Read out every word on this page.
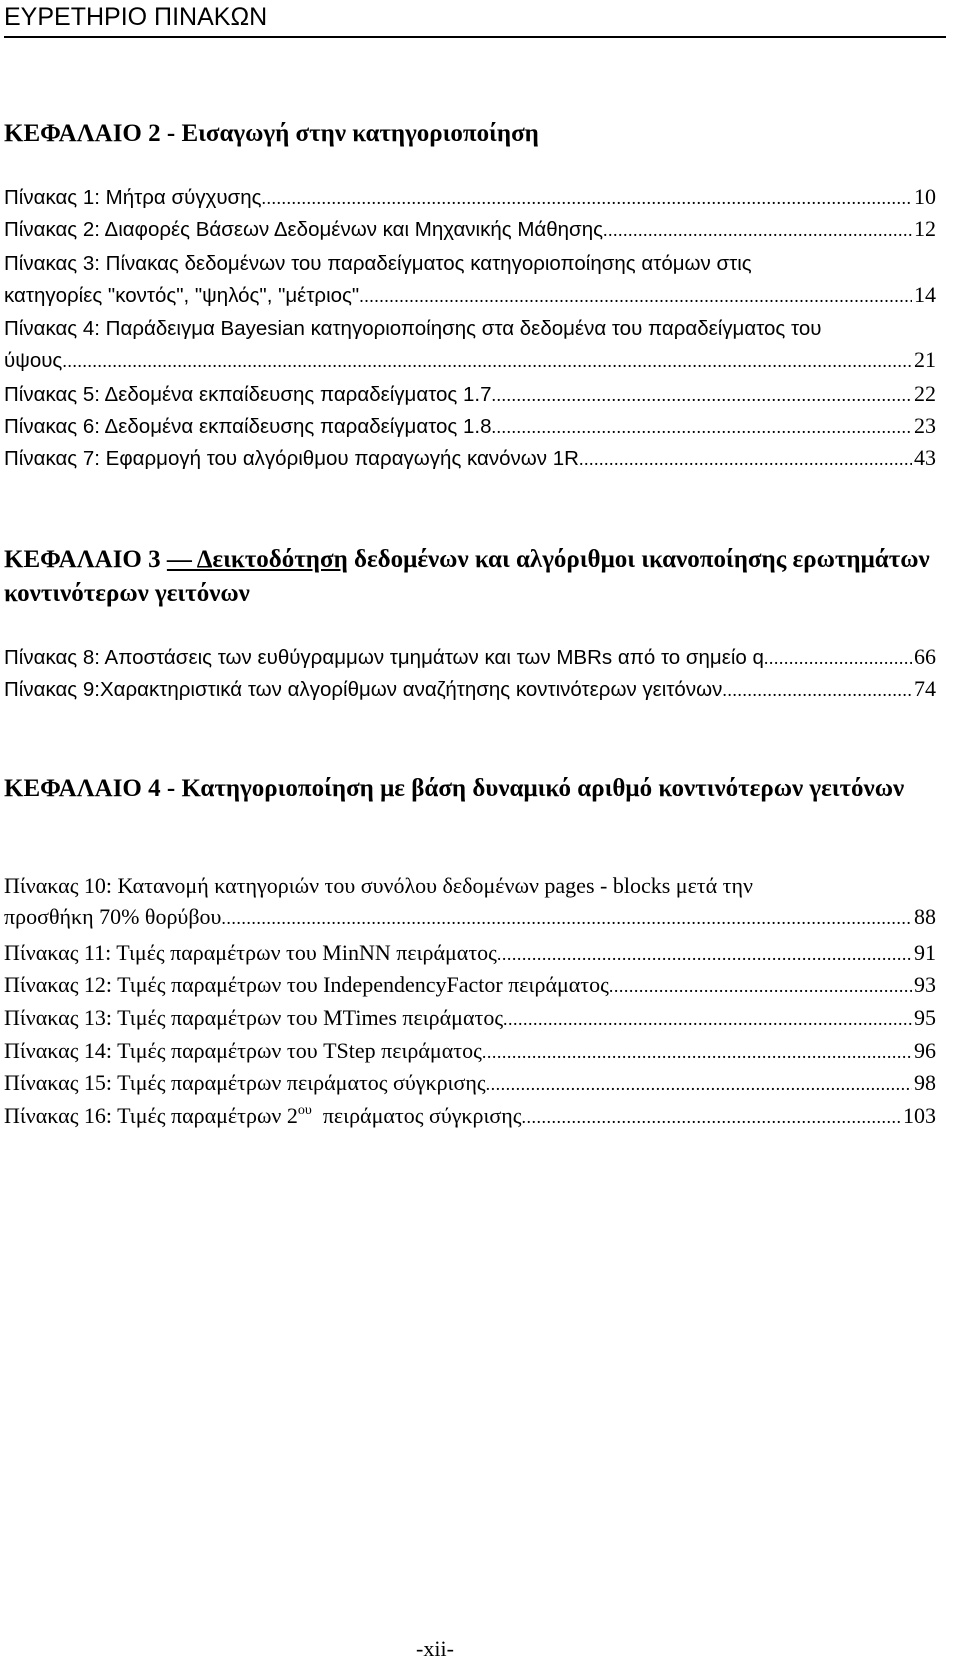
ΕΥΡΕΤΗΡΙΟ ΠΙΝΑΚΩΝ
ΚΕΦΑΛΑΙΟ 2 - Εισαγωγή στην κατηγοριοποίηση
Πίνακας 1: Μήτρα σύγχυσης .....	10
Πίνακας 2: Διαφορές Βάσεων Δεδομένων και Μηχανικής Μάθησης .....	12
Πίνακας 3: Πίνακας δεδομένων του παραδείγματος κατηγοριοποίησης ατόμων στις
κατηγορίες "κοντός", "ψηλός", "μέτριος" .....	14
Πίνακας 4: Παράδειγμα Bayesian κατηγοριοποίησης στα δεδομένα του παραδείγματος του
ύψους .....	21
Πίνακας 5: Δεδομένα εκπαίδευσης παραδείγματος 1.7 .....	22
Πίνακας 6: Δεδομένα εκπαίδευσης παραδείγματος 1.8 .....	23
Πίνακας 7: Εφαρμογή του αλγόριθμου παραγωγής κανόνων 1R .....	43
ΚΕΦΑΛΑΙΟ 3 — Δεικτοδότηση δεδομένων και αλγόριθμοι ικανοποίησης ερωτημάτων κοντινότερων γειτόνων
Πίνακας 8: Αποστάσεις των ευθύγραμμων τμημάτων και των MBRs από το σημείο q .....	66
Πίνακας 9:Χαρακτηριστικά των αλγορίθμων αναζήτησης κοντινότερων γειτόνων .....	74
ΚΕΦΑΛΑΙΟ 4 - Κατηγοριοποίηση με βάση δυναμικό αριθμό κοντινότερων γειτόνων
Πίνακας 10: Κατανομή κατηγοριών του συνόλου δεδομένων pages - blocks μετά την
προσθήκη 70% θορύβου .....	88
Πίνακας 11: Τιμές παραμέτρων του MinNN πειράματος .....	91
Πίνακας 12: Τιμές παραμέτρων του IndependencyFactor πειράματος .....	93
Πίνακας 13: Τιμές παραμέτρων του MTimes πειράματος .....	95
Πίνακας 14: Τιμές παραμέτρων του TStep πειράματος .....	96
Πίνακας 15: Τιμές παραμέτρων πειράματος σύγκρισης .....	98
Πίνακας 16: Τιμές παραμέτρων $2^{o\upsilon}$  πειράματος σύγκρισης .....	103
-xii-
